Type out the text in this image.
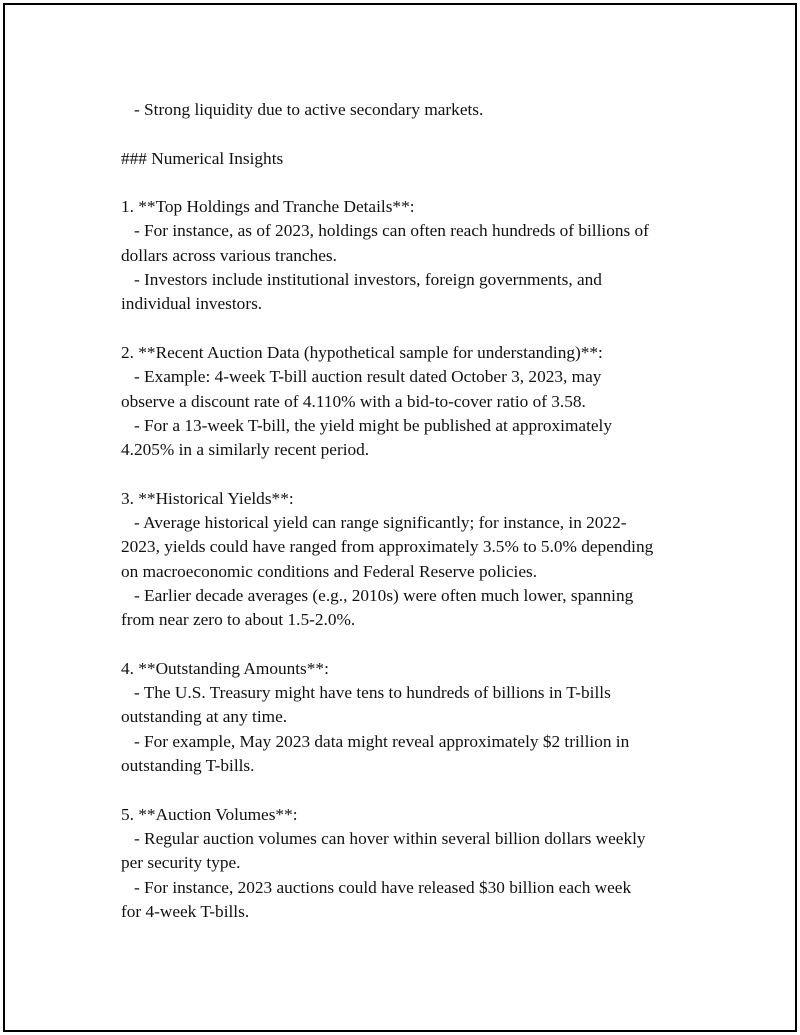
- Strong liquidity due to active secondary markets.
### Numerical Insights
1. **Top Holdings and Tranche Details**:
- For instance, as of 2023, holdings can often reach hundreds of billions of
dollars across various tranches.
- Investors include institutional investors, foreign governments, and
individual investors.
2. **Recent Auction Data (hypothetical sample for understanding)**:
- Example: 4-week T-bill auction result dated October 3, 2023, may
observe a discount rate of 4.110% with a bid-to-cover ratio of 3.58.
- For a 13-week T-bill, the yield might be published at approximately
4.205% in a similarly recent period.
3. **Historical Yields**:
- Average historical yield can range significantly; for instance, in 2022-
2023, yields could have ranged from approximately 3.5% to 5.0% depending
on macroeconomic conditions and Federal Reserve policies.
- Earlier decade averages (e.g., 2010s) were often much lower, spanning
from near zero to about 1.5-2.0%.
4. **Outstanding Amounts**:
- The U.S. Treasury might have tens to hundreds of billions in T-bills
outstanding at any time.
- For example, May 2023 data might reveal approximately $2 trillion in
outstanding T-bills.
5. **Auction Volumes**:
- Regular auction volumes can hover within several billion dollars weekly
per security type.
- For instance, 2023 auctions could have released $30 billion each week
for 4-week T-bills.
